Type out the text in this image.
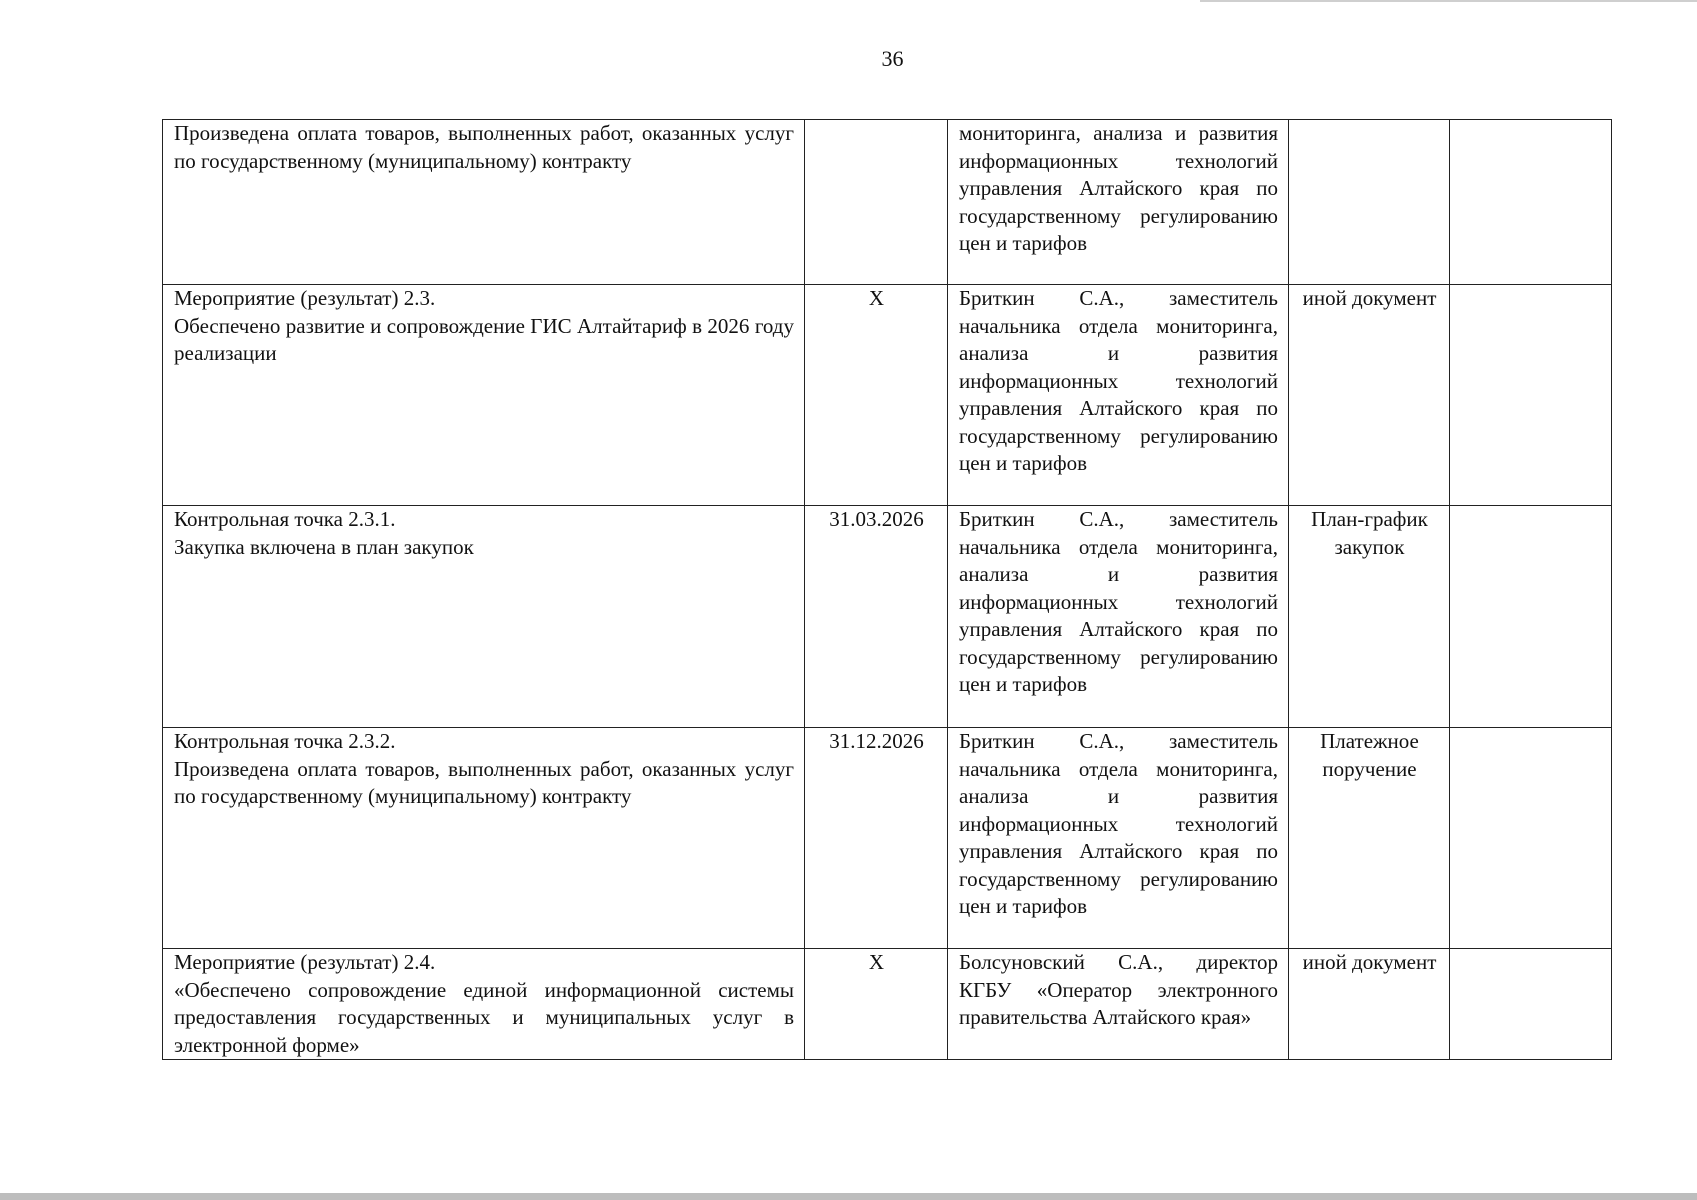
36
Произведена оплата товаров, выполненных работ, оказанных услуг по государственному (муниципальному) контракту		мониторинга, анализа и развития информационных технологий управления Алтайского края по государственному регулированию цен и тарифов		

Мероприятие (результат) 2.3.
Обеспечено развитие и сопровождение ГИС Алтайтариф в 2026 году реализации	X	Бриткин С.А., заместитель начальника отдела мониторинга, анализа и развития информационных технологий управления Алтайского края по государственному регулированию цен и тарифов	иной документ	

Контрольная точка 2.3.1.
Закупка включена в план закупок	31.03.2026	Бриткин С.А., заместитель начальника отдела мониторинга, анализа и развития информационных технологий управления Алтайского края по государственному регулированию цен и тарифов	План-график закупок	

Контрольная точка 2.3.2.
Произведена оплата товаров, выполненных работ, оказанных услуг по государственному (муниципальному) контракту	31.12.2026	Бриткин С.А., заместитель начальника отдела мониторинга, анализа и развития информационных технологий управления Алтайского края по государственному регулированию цен и тарифов	Платежное поручение	

Мероприятие (результат) 2.4.
«Обеспечено сопровождение единой информационной системы предоставления государственных и муниципальных услуг в электронной форме»	X	Болсуновский С.А., директор КГБУ «Оператор электронного правительства Алтайского края»	иной документ	
